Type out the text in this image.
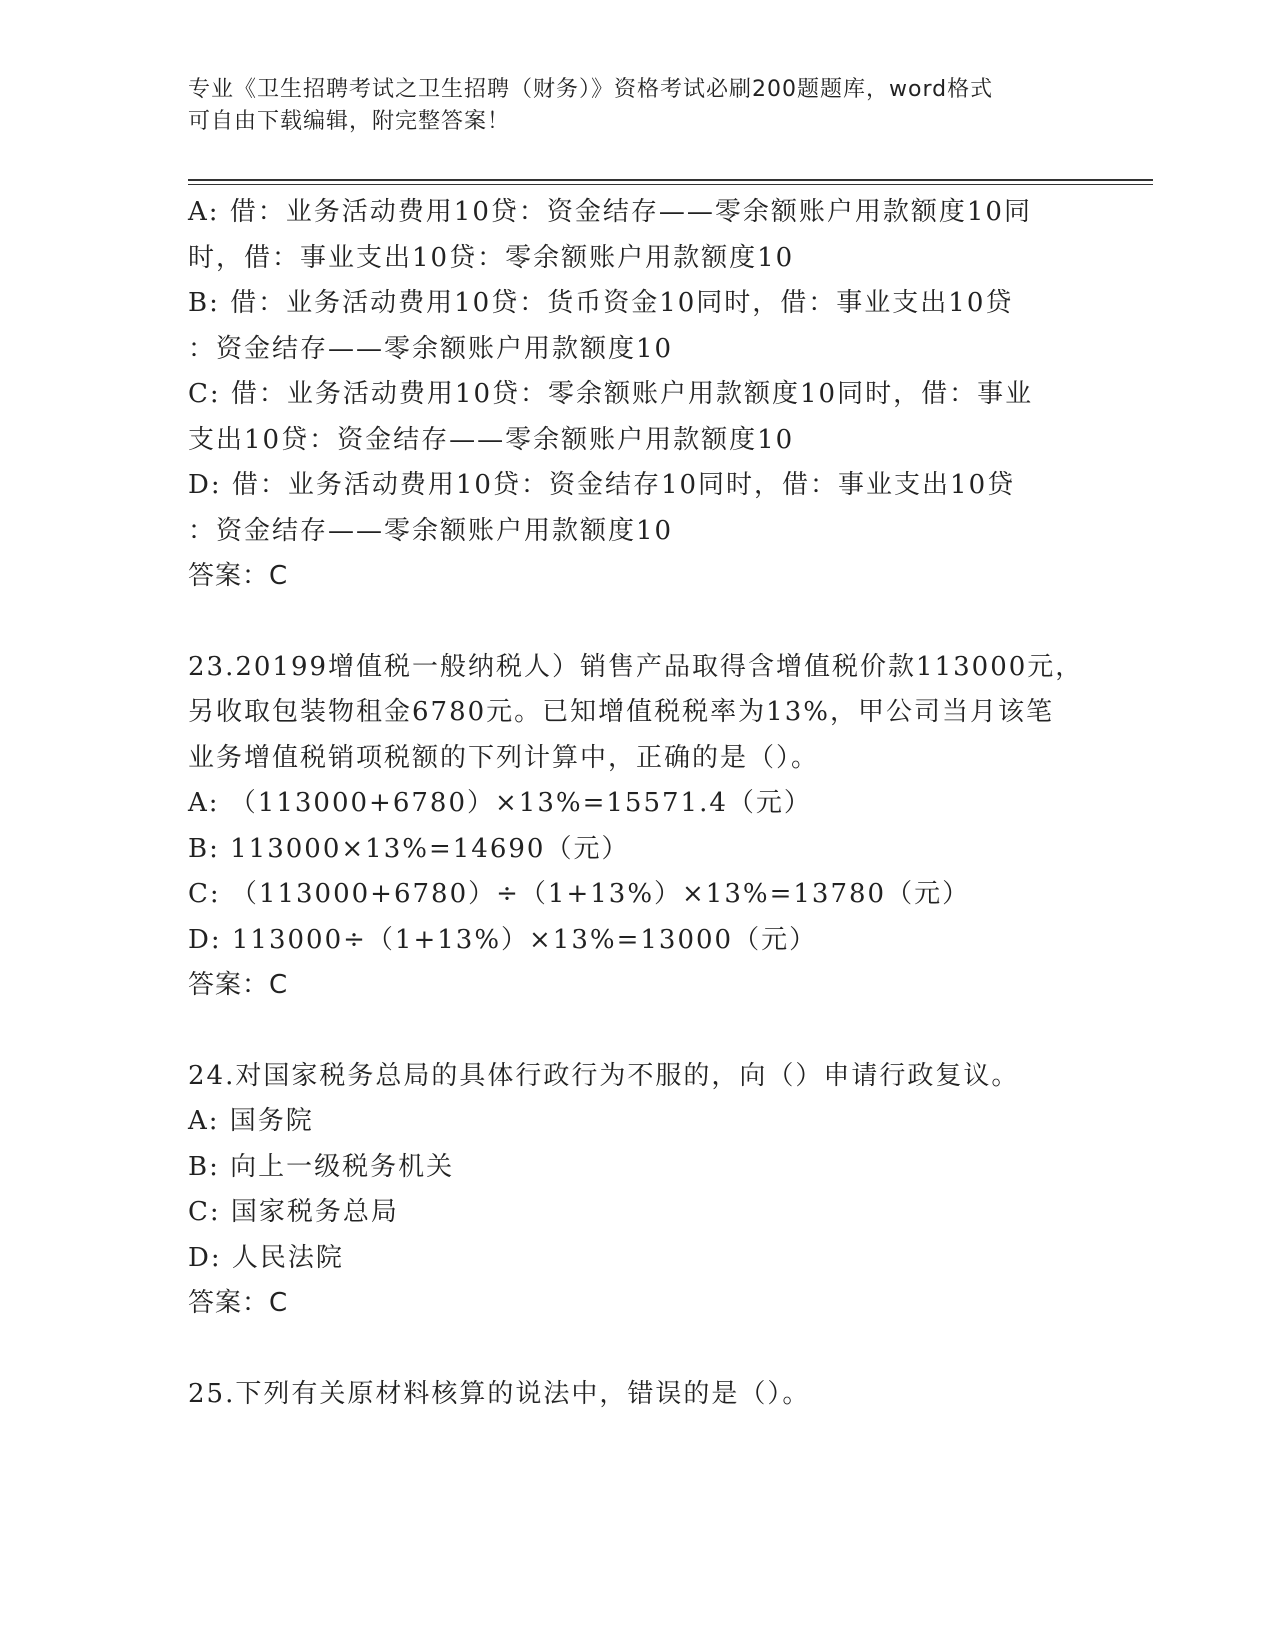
专业《卫生招聘考试之卫生招聘（财务）》资格考试必刷200题题库，word格式
可自由下载编辑，附完整答案！
A: 借：业务活动费用10贷：资金结存——零余额账户用款额度10同
时，借：事业支出10贷：零余额账户用款额度10
B: 借：业务活动费用10贷：货币资金10同时，借：事业支出10贷
：资金结存——零余额账户用款额度10
C: 借：业务活动费用10贷：零余额账户用款额度10同时，借：事业
支出10贷：资金结存——零余额账户用款额度10
D: 借：业务活动费用10贷：资金结存10同时，借：事业支出10贷
：资金结存——零余额账户用款额度10
答案：C
23.20199增值税一般纳税人）销售产品取得含增值税价款113000元，
另收取包装物租金6780元。已知增值税税率为13%，甲公司当月该笔
业务增值税销项税额的下列计算中，正确的是（）。
A: （113000+6780）×13%=15571.4（元）
B: 113000×13%=14690（元）
C: （113000+6780）÷（1+13%）×13%=13780（元）
D: 113000÷（1+13%）×13%=13000（元）
答案：C
24.对国家税务总局的具体行政行为不服的，向（）申请行政复议。
A: 国务院
B: 向上一级税务机关
C: 国家税务总局
D: 人民法院
答案：C
25.下列有关原材料核算的说法中，错误的是（）。
